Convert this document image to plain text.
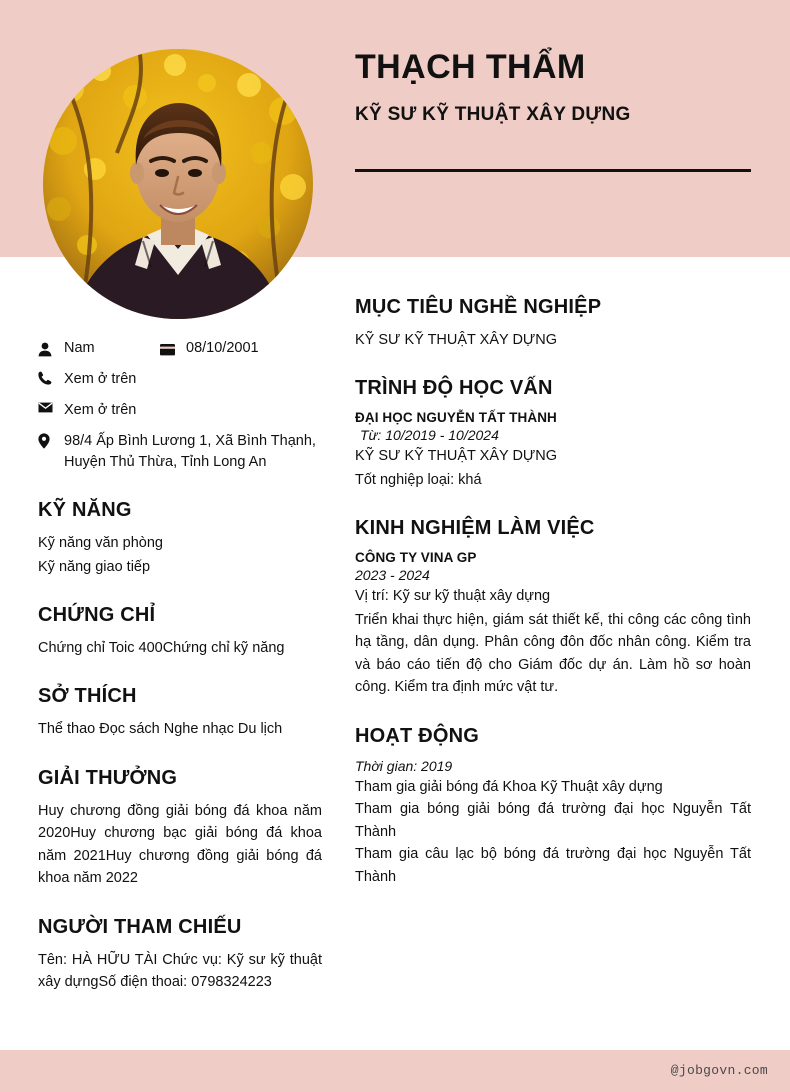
THẠCH THẨM
KỸ SƯ KỸ THUẬT XÂY DỰNG
Nam	08/10/2001
Xem ở trên
Xem ở trên
98/4 Ấp Bình Lương 1, Xã Bình Thạnh, Huyện Thủ Thừa, Tỉnh Long An
KỸ NĂNG

Kỹ năng văn phòng

Kỹ năng giao tiếp

CHỨNG CHỈ

Chứng chỉ Toic 400Chứng chỉ kỹ năng

SỞ THÍCH

Thể thao Đọc sách Nghe nhạc Du lịch

GIẢI THƯỞNG

Huy chương đồng giải bóng đá khoa năm 2020Huy chương bạc giải bóng đá khoa năm 2021Huy chương đồng giải bóng đá khoa năm 2022

NGƯỜI THAM CHIẾU

Tên: HÀ HỮU TÀI Chức vụ: Kỹ sư kỹ thuật xây dựngSố điện thoai: 0798324223

MỤC TIÊU NGHỀ NGHIỆP

KỸ SƯ KỸ THUẬT XÂY DỰNG

TRÌNH ĐỘ HỌC VẤN
ĐẠI HỌC NGUYỄN TẤT THÀNH
Từ: 10/2019 - 10/2024

KỸ SƯ KỸ THUẬT XÂY DỰNG

Tốt nghiệp loại: khá

KINH NGHIỆM LÀM VIỆC
CÔNG TY VINA GP
2023 - 2024

Vị trí: Kỹ sư kỹ thuật xây dựng

Triển khai thực hiện, giám sát thiết kế, thi công các công tình hạ tầng, dân dụng. Phân công đôn đốc nhân công. Kiểm tra và báo cáo tiến độ cho Giám đốc dự án. Làm hồ sơ hoàn công. Kiểm tra định mức vật tư.

HOẠT ĐỘNG
Thời gian: 2019

Tham gia giải bóng đá Khoa Kỹ Thuật xây dựng

Tham gia bóng giải bóng đá trường đại học Nguyễn Tất Thành

Tham gia câu lạc bộ bóng đá trường đại học Nguyễn Tất Thành

@jobgovn.com
